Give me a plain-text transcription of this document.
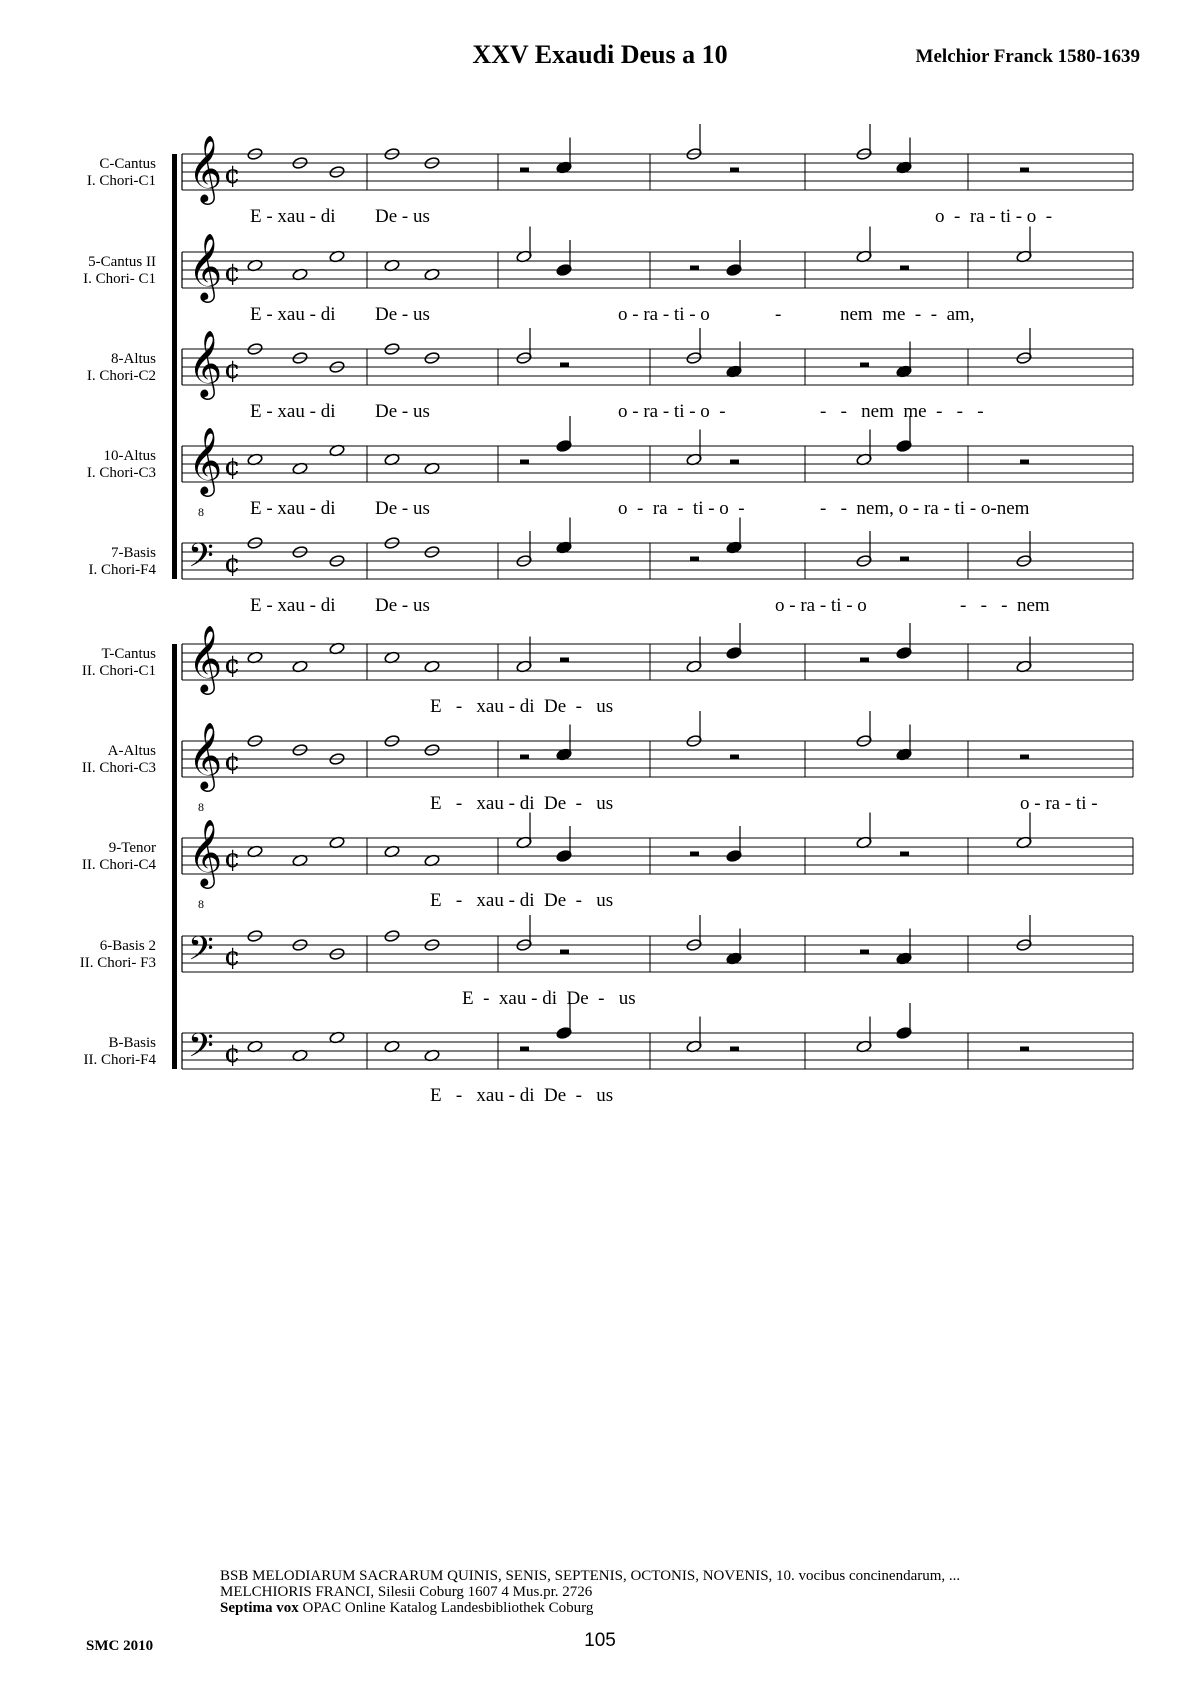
XXV Exaudi Deus a 10	Melchior Franck 1580-1639
𝄞 ¢
𝄞 ¢
𝄞 ¢
𝄞
8
¢
𝄢 ¢
𝄞 ¢
𝄞
8
¢
𝄞
8
¢
𝄢 ¢
𝄢 ¢
C-Cantus
I. Chori-C1
5-Cantus II
I. Chori- C1
8-Altus
I. Chori-C2
10-Altus
I. Chori-C3
7-Basis
I. Chori-F4
T-Cantus
II. Chori-C1
A-Altus
II. Chori-C3
9-Tenor
II. Chori-C4
6-Basis 2
II. Chori- F3
B-Basis
II. Chori-F4
E - xau - di De - us	o  -  ra - ti - o  -
E - xau - di De - us	o - ra - ti - o	-	nem  me  -  -  am,
E - xau - di De - us	o - ra - ti - o  -	-   -   nem  me  -   -   -
E - xau - di De - us	o  -  ra  -  ti - o  -	-   -  nem, o - ra - ti - o-nem
E - xau - di De - us	o - ra - ti - o	-   -   -  nem
E   -   xau - di  De  -   us
E   -   xau - di  De  -   us	o - ra - ti -
E   -   xau - di  De  -   us
E  -  xau - di  De  -   us
E   -   xau - di  De  -   us
BSB MELODIARUM SACRARUM QUINIS, SENIS, SEPTENIS, OCTONIS, NOVENIS, 10. vocibus concinendarum, ...
MELCHIORIS FRANCI, Silesii Coburg 1607 4 Mus.pr. 2726
Septima vox OPAC Online Katalog Landesbibliothek Coburg
SMC 2010	105
